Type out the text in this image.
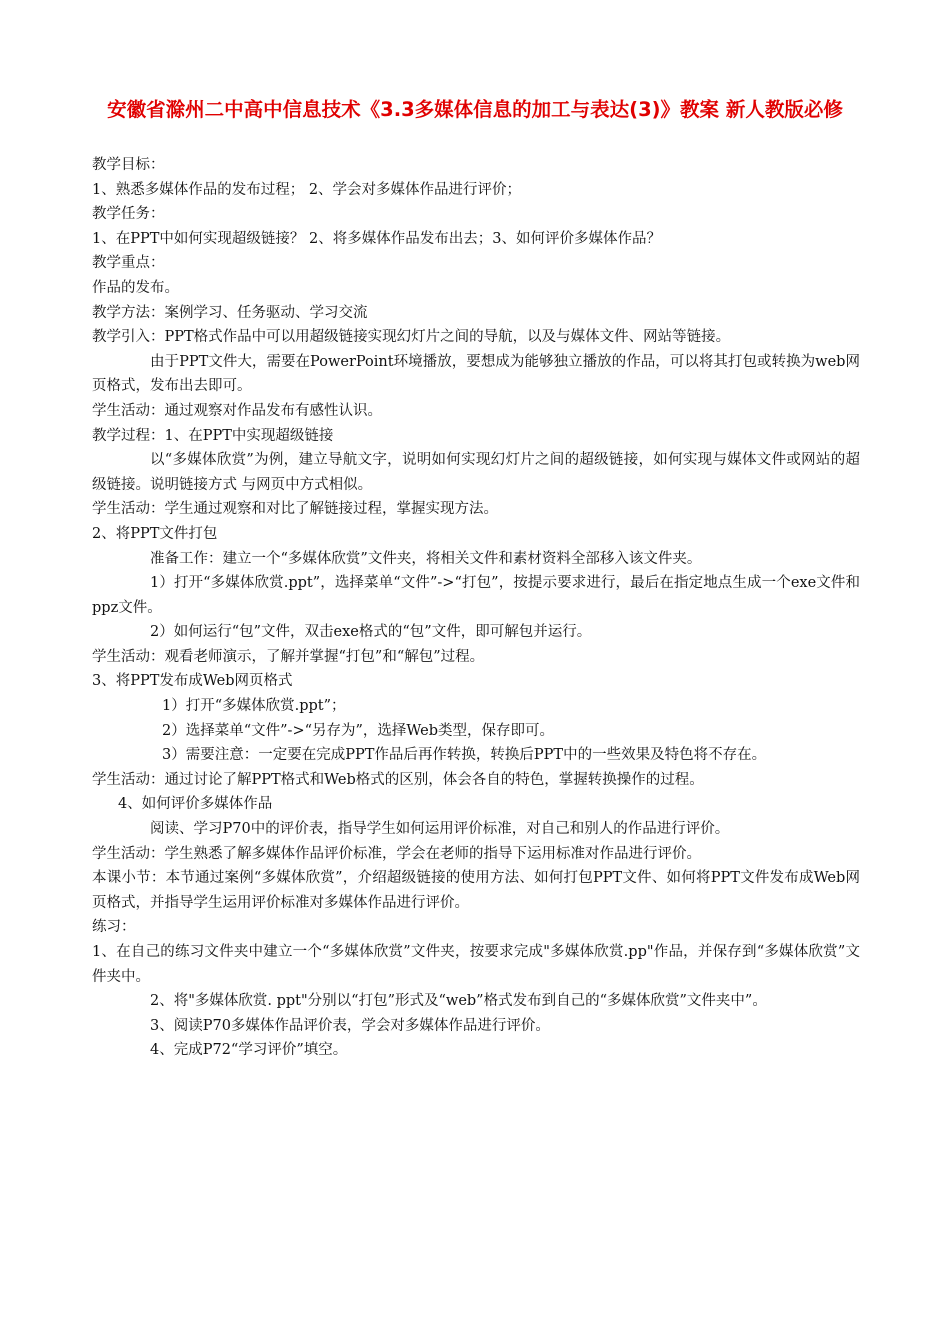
安徽省滁州二中高中信息技术《3.3多媒体信息的加工与表达(3)》教案 新人教版必修

教学目标：

1、熟悉多媒体作品的发布过程； 2、学会对多媒体作品进行评价；

教学任务：

1、在PPT中如何实现超级链接？ 2、将多媒体作品发布出去；3、如何评价多媒体作品？

教学重点：

作品的发布。

教学方法：案例学习、任务驱动、学习交流

教学引入：PPT格式作品中可以用超级链接实现幻灯片之间的导航，以及与媒体文件、网站等链接。

由于PPT文件大，需要在PowerPoint环境播放，要想成为能够独立播放的作品，可以将其打包或转换为web网页格式，发布出去即可。

学生活动：通过观察对作品发布有感性认识。

教学过程：1、在PPT中实现超级链接

以“多媒体欣赏”为例，建立导航文字，说明如何实现幻灯片之间的超级链接，如何实现与媒体文件或网站的超级链接。说明链接方式 与网页中方式相似。

学生活动：学生通过观察和对比了解链接过程，掌握实现方法。

2、将PPT文件打包

准备工作：建立一个“多媒体欣赏”文件夹，将相关文件和素材资料全部移入该文件夹。

1）打开“多媒体欣赏.ppt”，选择菜单“文件”->“打包”，按提示要求进行，最后在指定地点生成一个exe文件和ppz文件。

2）如何运行“包”文件，双击exe格式的“包”文件，即可解包并运行。

学生活动：观看老师演示，了解并掌握“打包”和“解包”过程。

3、将PPT发布成Web网页格式

1）打开“多媒体欣赏.ppt”；

2）选择菜单“文件”->“另存为”，选择Web类型，保存即可。

3）需要注意：一定要在完成PPT作品后再作转换，转换后PPT中的一些效果及特色将不存在。

学生活动：通过讨论了解PPT格式和Web格式的区别，体会各自的特色，掌握转换操作的过程。

4、如何评价多媒体作品

阅读、学习P70中的评价表，指导学生如何运用评价标准，对自己和别人的作品进行评价。

学生活动：学生熟悉了解多媒体作品评价标准，学会在老师的指导下运用标准对作品进行评价。

本课小节：本节通过案例“多媒体欣赏”，介绍超级链接的使用方法、如何打包PPT文件、如何将PPT文件发布成Web网页格式，并指导学生运用评价标准对多媒体作品进行评价。

练习：

1、在自己的练习文件夹中建立一个“多媒体欣赏”文件夹，按要求完成"多媒体欣赏.pp"作品，并保存到“多媒体欣赏”文件夹中。

2、将"多媒体欣赏. ppt"分别以“打包”形式及“web”格式发布到自己的“多媒体欣赏”文件夹中”。

3、阅读P70多媒体作品评价表，学会对多媒体作品进行评价。

4、完成P72“学习评价”填空。
